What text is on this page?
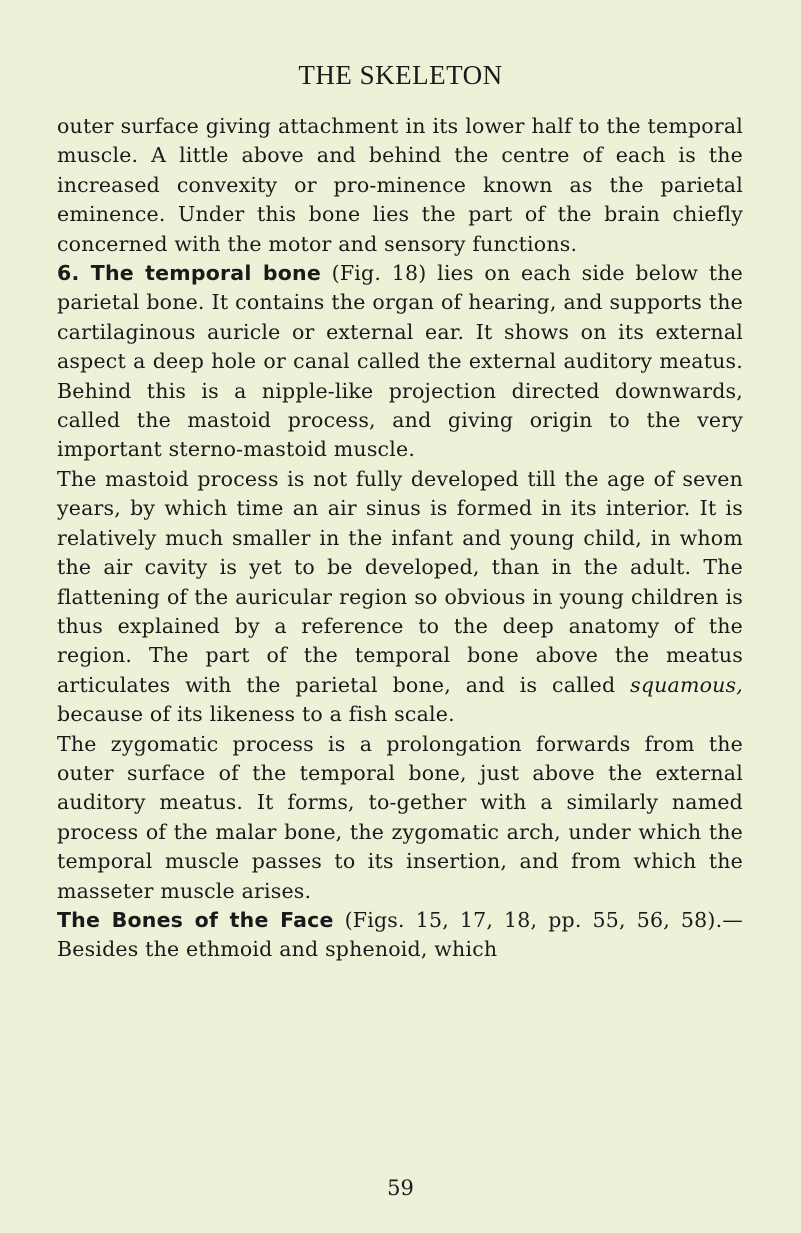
THE SKELETON

outer surface giving attachment in its lower half to the temporal muscle. A little above and behind the centre of each is the increased convexity or pro-minence known as the parietal eminence. Under this bone lies the part of the brain chiefly concerned with the motor and sensory functions.

6. The temporal bone (Fig. 18) lies on each side below the parietal bone. It contains the organ of hearing, and supports the cartilaginous auricle or external ear. It shows on its external aspect a deep hole or canal called the external auditory meatus. Behind this is a nipple-like projection directed downwards, called the mastoid process, and giving origin to the very important sterno-mastoid muscle.

The mastoid process is not fully developed till the age of seven years, by which time an air sinus is formed in its interior. It is relatively much smaller in the infant and young child, in whom the air cavity is yet to be developed, than in the adult. The flattening of the auricular region so obvious in young children is thus explained by a reference to the deep anatomy of the region. The part of the temporal bone above the meatus articulates with the parietal bone, and is called squamous, because of its likeness to a fish scale.

The zygomatic process is a prolongation forwards from the outer surface of the temporal bone, just above the external auditory meatus. It forms, to-gether with a similarly named process of the malar bone, the zygomatic arch, under which the temporal muscle passes to its insertion, and from which the masseter muscle arises.

The Bones of the Face (Figs. 15, 17, 18, pp. 55, 56, 58).—Besides the ethmoid and sphenoid, which

59
